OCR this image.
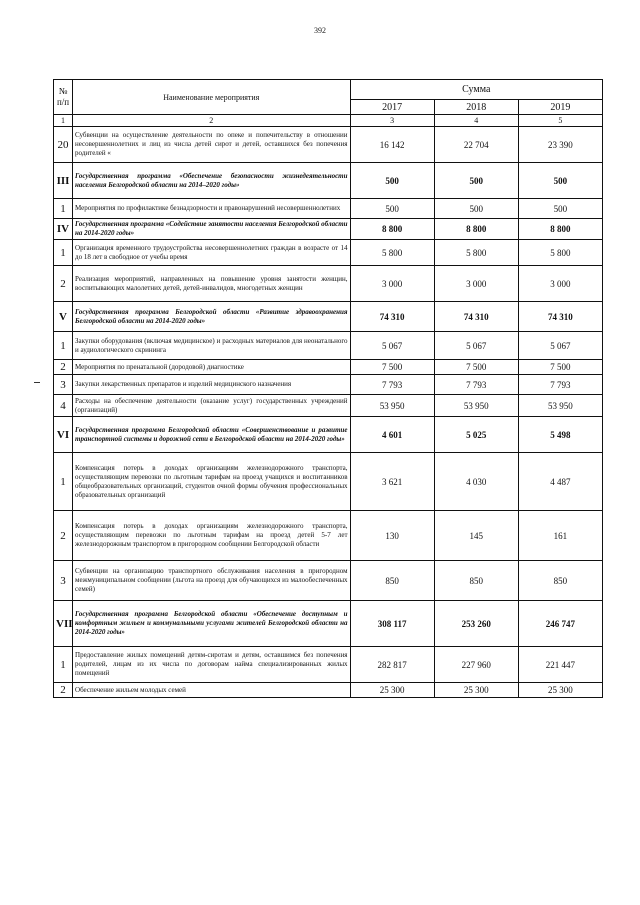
392
№
п/п	Наименование мероприятия	Сумма		
		2017	2018	2019
1	2	3	4	5
20	Субвенции на осуществление деятельности по опеке и попечительству в отношении несовершеннолетних и лиц из числа детей сирот и детей, оставшихся без попечения родителей «	16 142	22 704	23 390
III	Государственная программа «Обеспечение безопасности жизнедеятельности населения Белгородской области на 2014–2020 годы»	500	500	500
1	Мероприятия по профилактике безнадзорности и правонарушений несовершеннолетних	500	500	500
IV	Государственная программа «Содействие занятости населения Белгородской области на 2014-2020 годы»	8 800	8 800	8 800
1	Организация временного трудоустройства несовершеннолетних граждан в возрасте от 14 до 18 лет в свободное от учебы время	5 800	5 800	5 800
2	Реализация мероприятий, направленных на повышение уровня занятости женщин, воспитывающих малолетних детей, детей-инвалидов, многодетных женщин	3 000	3 000	3 000
V	Государственная программа Белгородской области «Развитие здравоохранения Белгородской области на 2014-2020 годы»	74 310	74 310	74 310
1	Закупки оборудования (включая медицинское) и расходных материалов для неонатального и аудиологического скрининга	5 067	5 067	5 067
2	Мероприятия по пренатальной (дородовой) диагностике	7 500	7 500	7 500
3	Закупки лекарственных препаратов и изделий медицинского назначения	7 793	7 793	7 793
4	Расходы на обеспечение деятельности (оказание услуг) государственных учреждений (организаций)	53 950	53 950	53 950
VI	Государственная программа Белгородской области «Совершенствование и развитие транспортной системы и дорожной сети в Белгородской области на 2014-2020 годы»	4 601	5 025	5 498
1	Компенсация потерь в доходах организациям железнодорожного транспорта, осуществляющим перевозки по льготным тарифам на проезд учащихся и воспитанников общеобразовательных организаций, студентов очной формы обучения профессиональных образовательных организаций	3 621	4 030	4 487
2	Компенсация потерь в доходах организациям железнодорожного транспорта, осуществляющим перевозки по льготным тарифам на проезд детей 5-7 лет железнодорожным транспортом в пригородном сообщении Белгородской области	130	145	161
3	Субвенции на организацию транспортного обслуживания населения в пригородном межмуниципальном сообщении (льгота на проезд для обучающихся из малообеспеченных семей)	850	850	850
VII	Государственная программа Белгородской области «Обеспечение доступным и комфортным жильем и коммунальными услугами жителей Белгородской области на 2014-2020 годы»	308 117	253 260	246 747
1	Предоставление жилых помещений детям-сиротам и детям, оставшимся без попечения родителей, лицам из их числа по договорам найма специализированных жилых помещений	282 817	227 960	221 447
2	Обеспечение жильем молодых семей	25 300	25 300	25 300
